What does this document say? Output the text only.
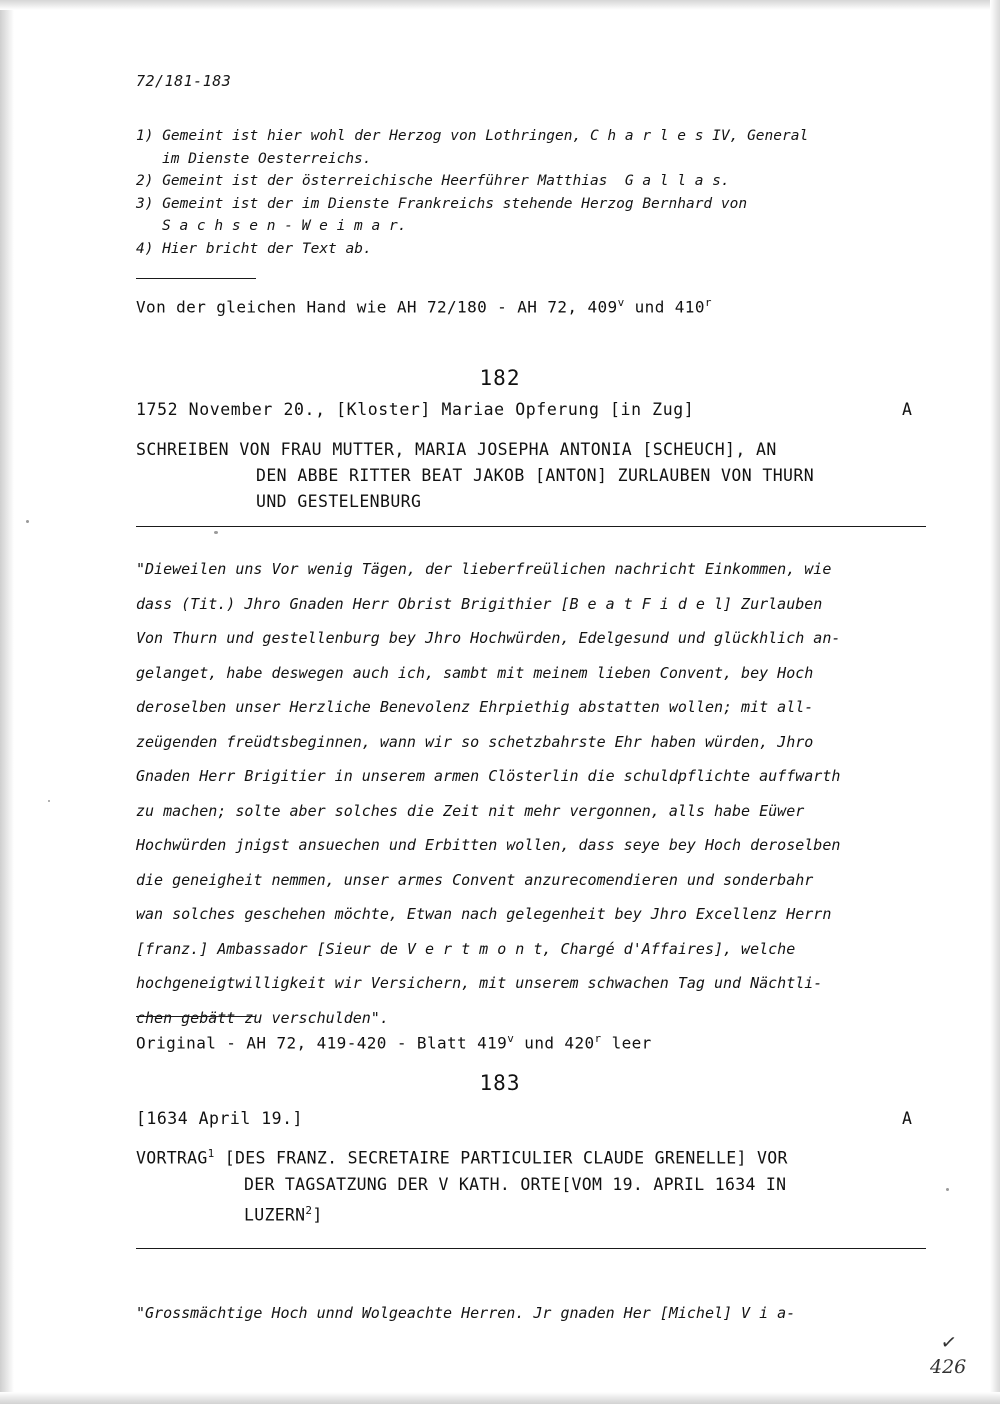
72/181-183

1) Gemeint ist hier wohl der Herzog von Lothringen, C h a r l e s IV, General

im Dienste Oesterreichs.

2) Gemeint ist der österreichische Heerführer Matthias  G a l l a s.

3) Gemeint ist der im Dienste Frankreichs stehende Herzog Bernhard von

S a c h s e n - W e i m a r.

4) Hier bricht der Text ab.

Von der gleichen Hand wie AH 72/180 - AH 72, 409$^v$ und 410$^r$
182
1752 November 20., [Kloster] Mariae Opferung [in Zug]	A
SCHREIBEN VON FRAU MUTTER, MARIA JOSEPHA ANTONIA [SCHEUCH], AN
DEN ABBE RITTER BEAT JAKOB [ANTON] ZURLAUBEN VON THURN
UND GESTELENBURG

"Dieweilen uns Vor wenig Tägen, der lieberfreülichen nachricht Einkommen, wie

dass (Tit.) Jhro Gnaden Herr Obrist Brigithier [B e a t F i d e l] Zurlauben

Von Thurn und gestellenburg bey Jhro Hochwürden, Edelgesund und glückhlich an-

gelanget, habe deswegen auch ich, sambt mit meinem lieben Convent, bey Hoch

deroselben unser Herzliche Benevolenz Ehrpiethig abstatten wollen; mit all-

zeügenden freüdtsbeginnen, wann wir so schetzbahrste Ehr haben würden, Jhro

Gnaden Herr Brigitier in unserem armen Clösterlin die schuldpflichte auffwarth

zu machen; solte aber solches die Zeit nit mehr vergonnen, alls habe Eüwer

Hochwürden jnigst ansuechen und Erbitten wollen, dass seye bey Hoch deroselben

die geneigheit nemmen, unser armes Convent anzurecomendieren und sonderbahr

wan solches geschehen möchte, Etwan nach gelegenheit bey Jhro Excellenz Herrn

[franz.] Ambassador [Sieur de V e r t m o n t, Chargé d'Affaires], welche

hochgeneigtwilligkeit wir Versichern, mit unserem schwachen Tag und Nächtli-

chen gebätt zu verschulden".

Original - AH 72, 419-420 - Blatt 419$^v$ und 420$^r$ leer
183
[1634 April 19.]	A
VORTRAG$^1$ [DES FRANZ. SECRETAIRE PARTICULIER CLAUDE GRENELLE] VOR
DER TAGSATZUNG DER V KATH. ORTE[VOM 19. APRIL 1634 IN
LUZERN$^2$]

"Grossmächtige Hoch unnd Wolgeachte Herren. Jr gnaden Her [Michel] V i a-

✓
426
